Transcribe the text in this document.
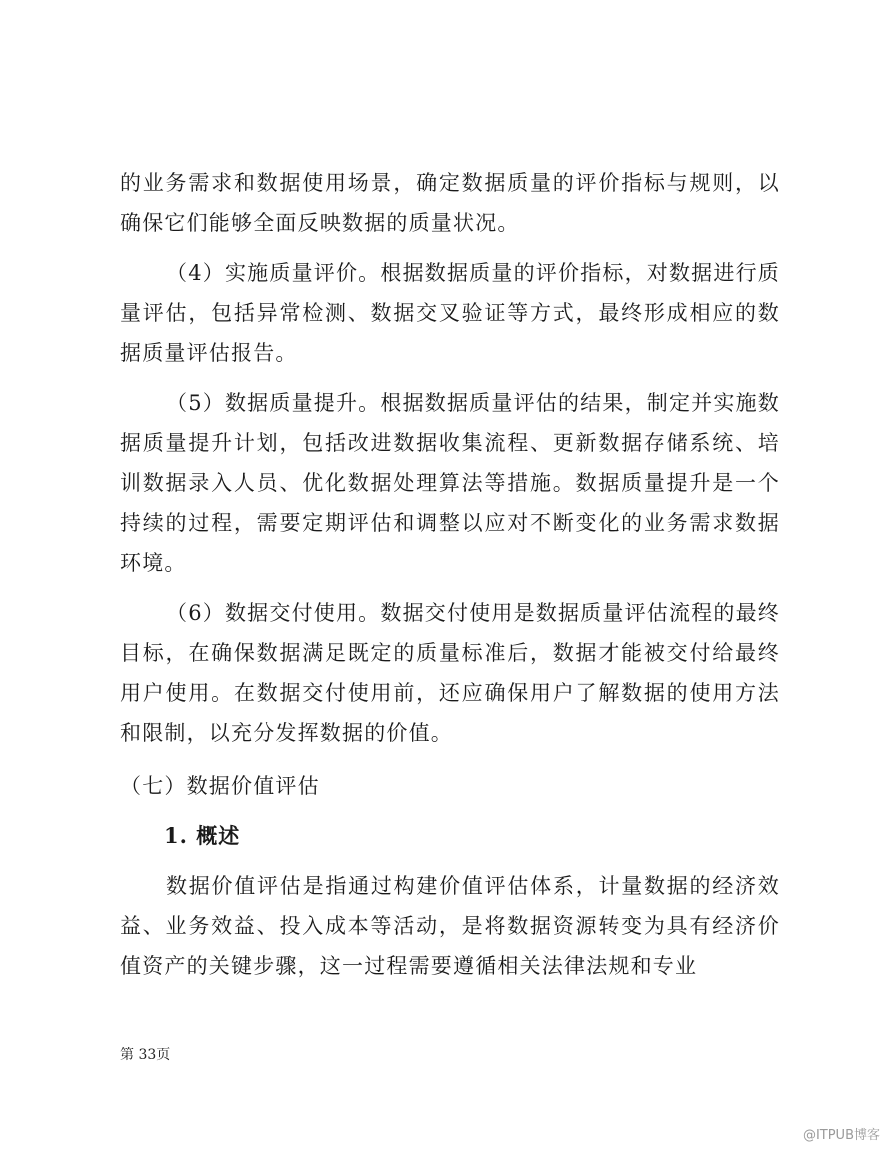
的业务需求和数据使用场景，确定数据质量的评价指标与规则，以确保它们能够全面反映数据的质量状况。

（4）实施质量评价。根据数据质量的评价指标，对数据进行质量评估，包括异常检测、数据交叉验证等方式，最终形成相应的数据质量评估报告。

（5）数据质量提升。根据数据质量评估的结果，制定并实施数据质量提升计划，包括改进数据收集流程、更新数据存储系统、培训数据录入人员、优化数据处理算法等措施。数据质量提升是一个持续的过程，需要定期评估和调整以应对不断变化的业务需求数据环境。

（6）数据交付使用。数据交付使用是数据质量评估流程的最终目标，在确保数据满足既定的质量标准后，数据才能被交付给最终用户使用。在数据交付使用前，还应确保用户了解数据的使用方法和限制，以充分发挥数据的价值。

（七）数据价值评估

1. 概述

数据价值评估是指通过构建价值评估体系，计量数据的经济效益、业务效益、投入成本等活动，是将数据资源转变为具有经济价值资产的关键步骤，这一过程需要遵循相关法律法规和专业

第 33页
@ITPUB博客
